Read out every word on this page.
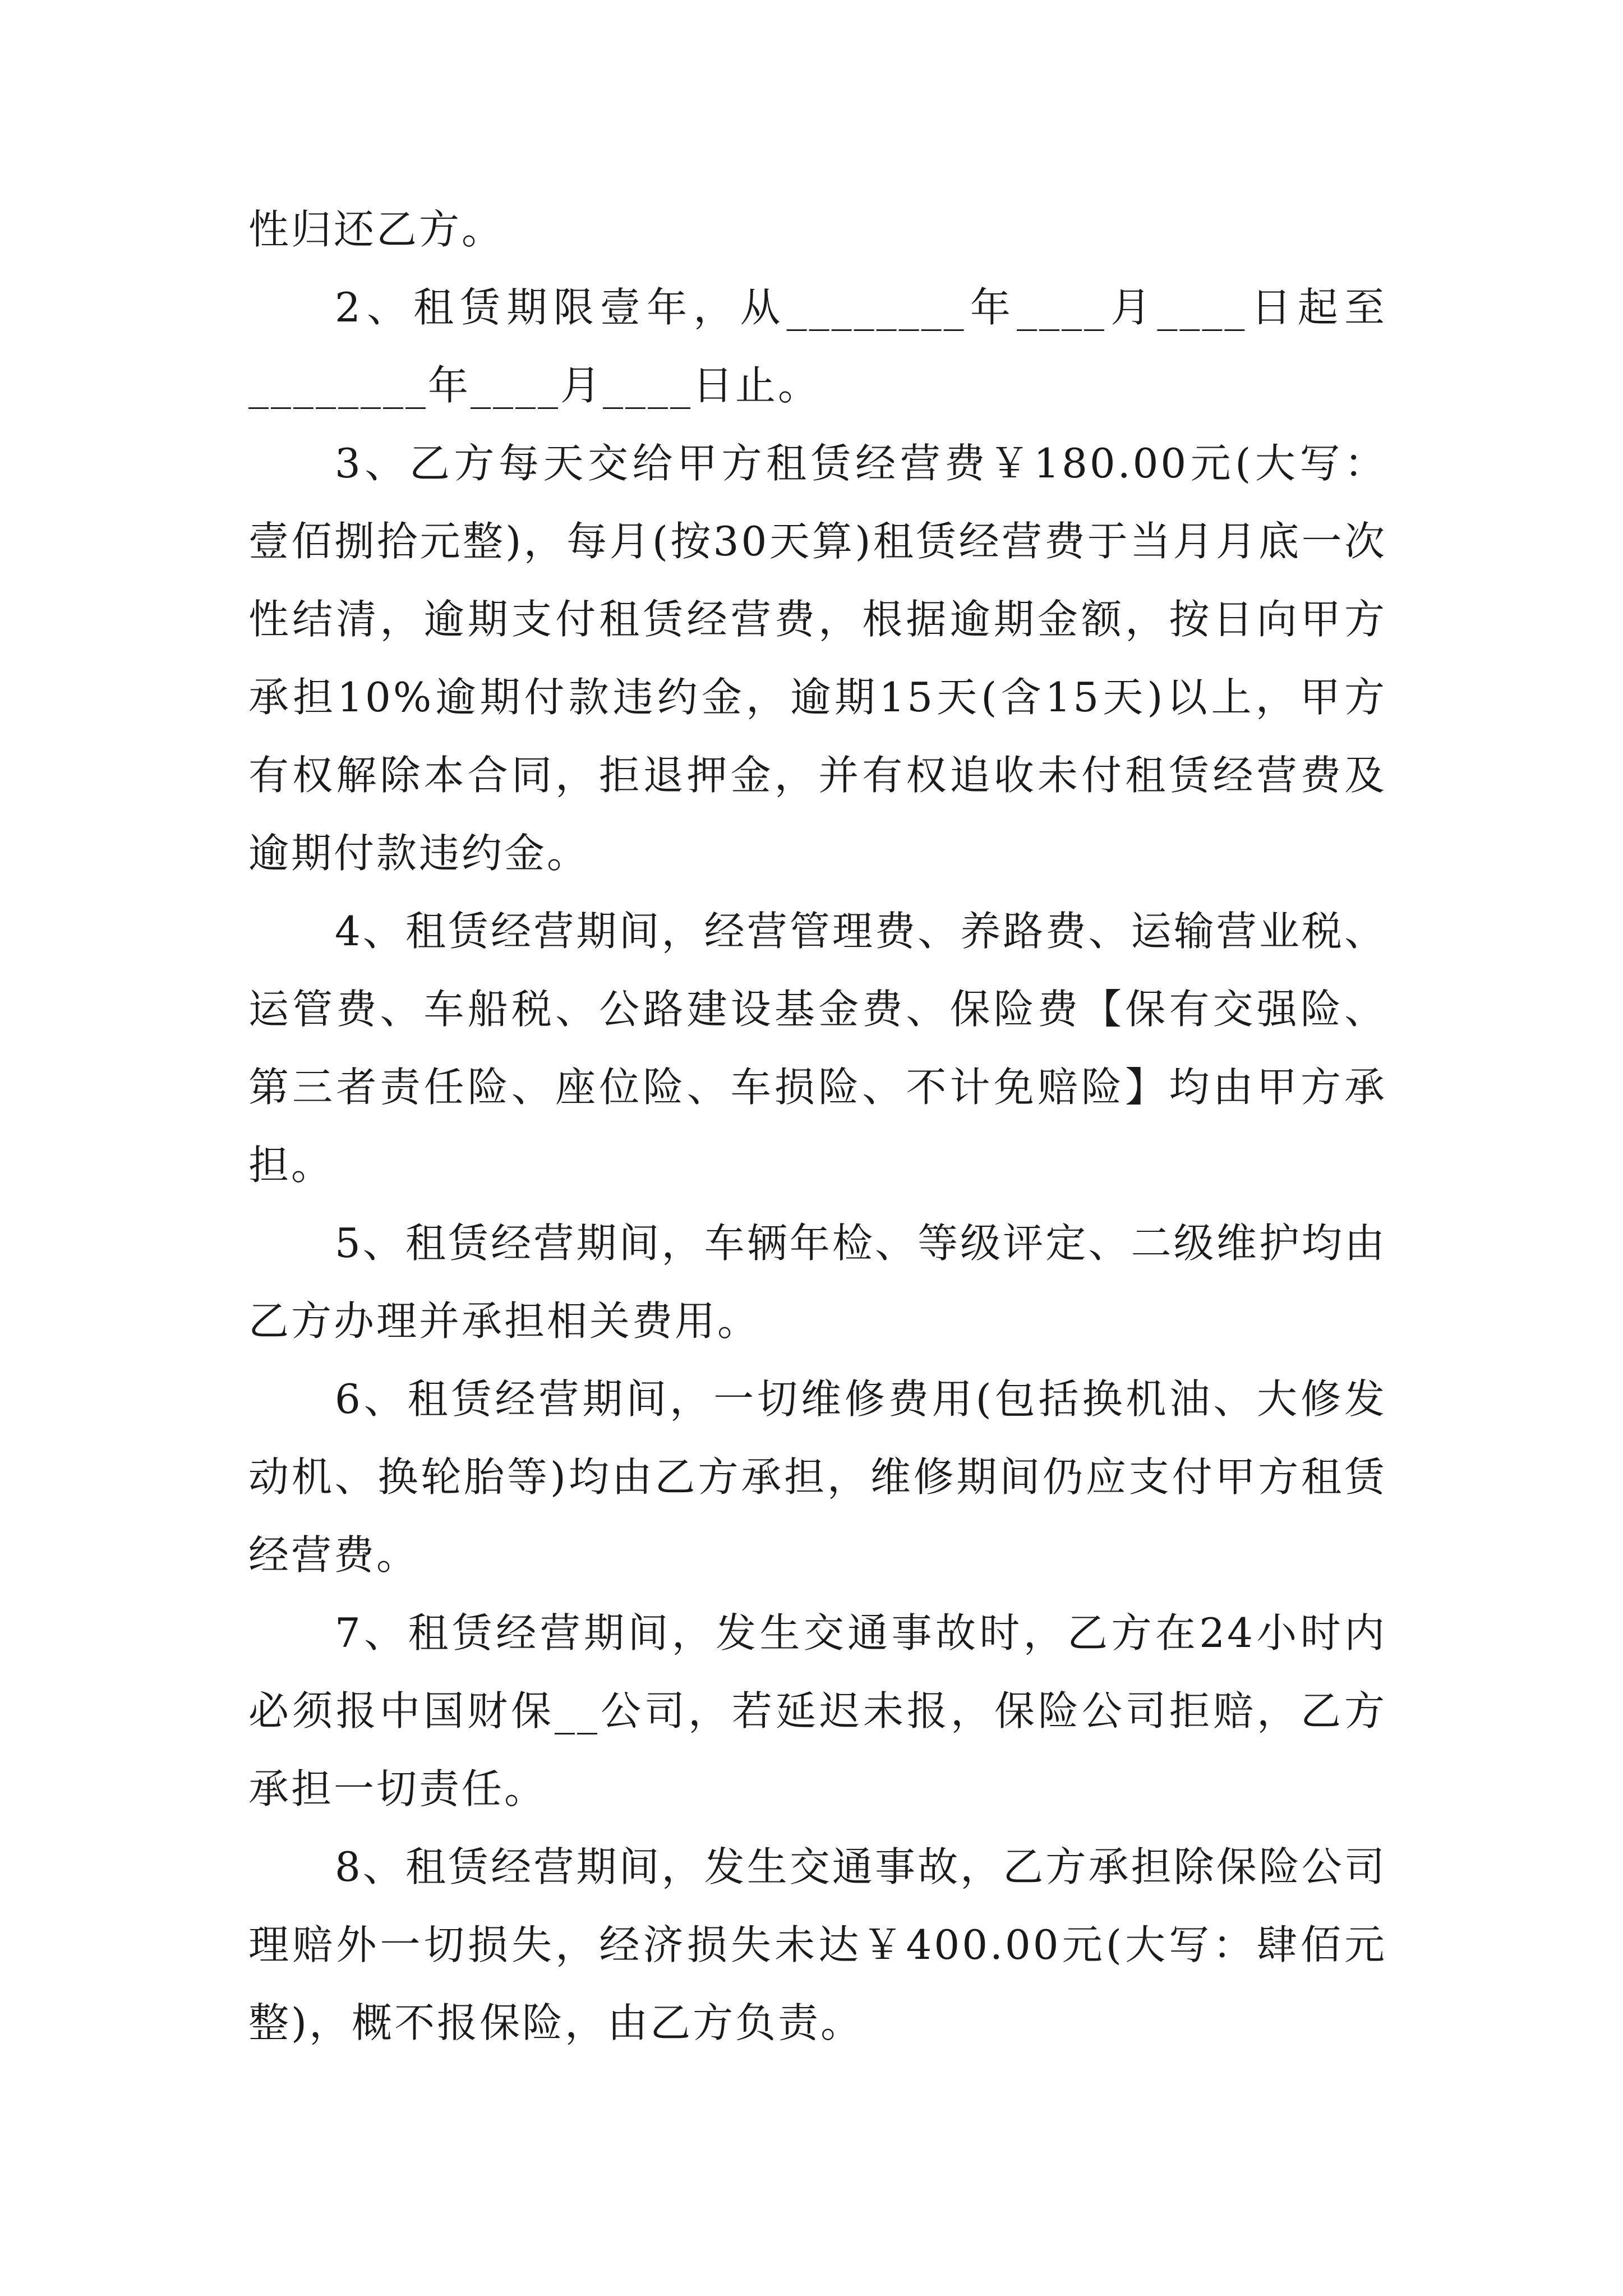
性归还乙方。

2、租赁期限壹年，从________年____月____日起至________年____月____日止。

3、乙方每天交给甲方租赁经营费￥180.00元(大写：壹佰捌拾元整)，每月(按30天算)租赁经营费于当月月底一次性结清，逾期支付租赁经营费，根据逾期金额，按日向甲方承担10%逾期付款违约金，逾期15天(含15天)以上，甲方有权解除本合同，拒退押金，并有权追收未付租赁经营费及逾期付款违约金。

4、租赁经营期间，经营管理费、养路费、运输营业税、运管费、车船税、公路建设基金费、保险费【保有交强险、第三者责任险、座位险、车损险、不计免赔险】均由甲方承担。

5、租赁经营期间，车辆年检、等级评定、二级维护均由乙方办理并承担相关费用。

6、租赁经营期间，一切维修费用(包括换机油、大修发动机、换轮胎等)均由乙方承担，维修期间仍应支付甲方租赁经营费。

7、租赁经营期间，发生交通事故时，乙方在24小时内必须报中国财保__公司，若延迟未报，保险公司拒赔，乙方承担一切责任。

8、租赁经营期间，发生交通事故，乙方承担除保险公司理赔外一切损失，经济损失未达￥400.00元(大写：肆佰元整)，概不报保险，由乙方负责。
